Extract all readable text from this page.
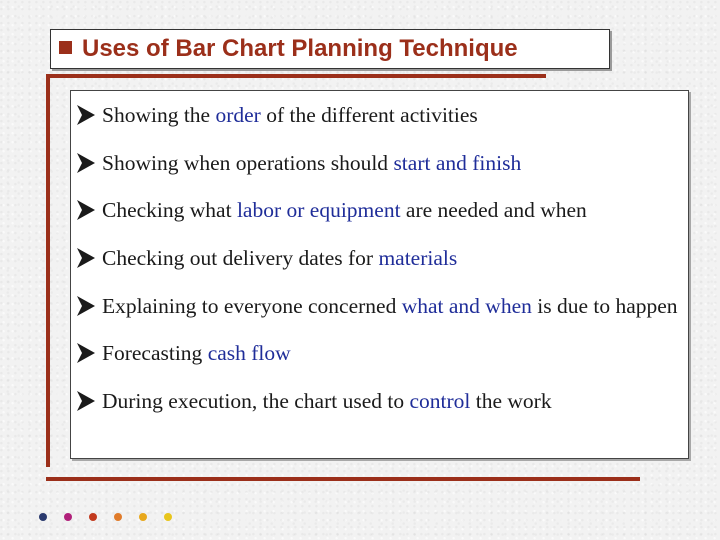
Uses of Bar Chart Planning Technique
Showing the order of the different activities
Showing when operations should start and finish
Checking what labor or equipment are needed and when
Checking out delivery dates for materials
Explaining to everyone concerned what and when is due to happen
Forecasting cash flow
During execution, the chart used to control the work
